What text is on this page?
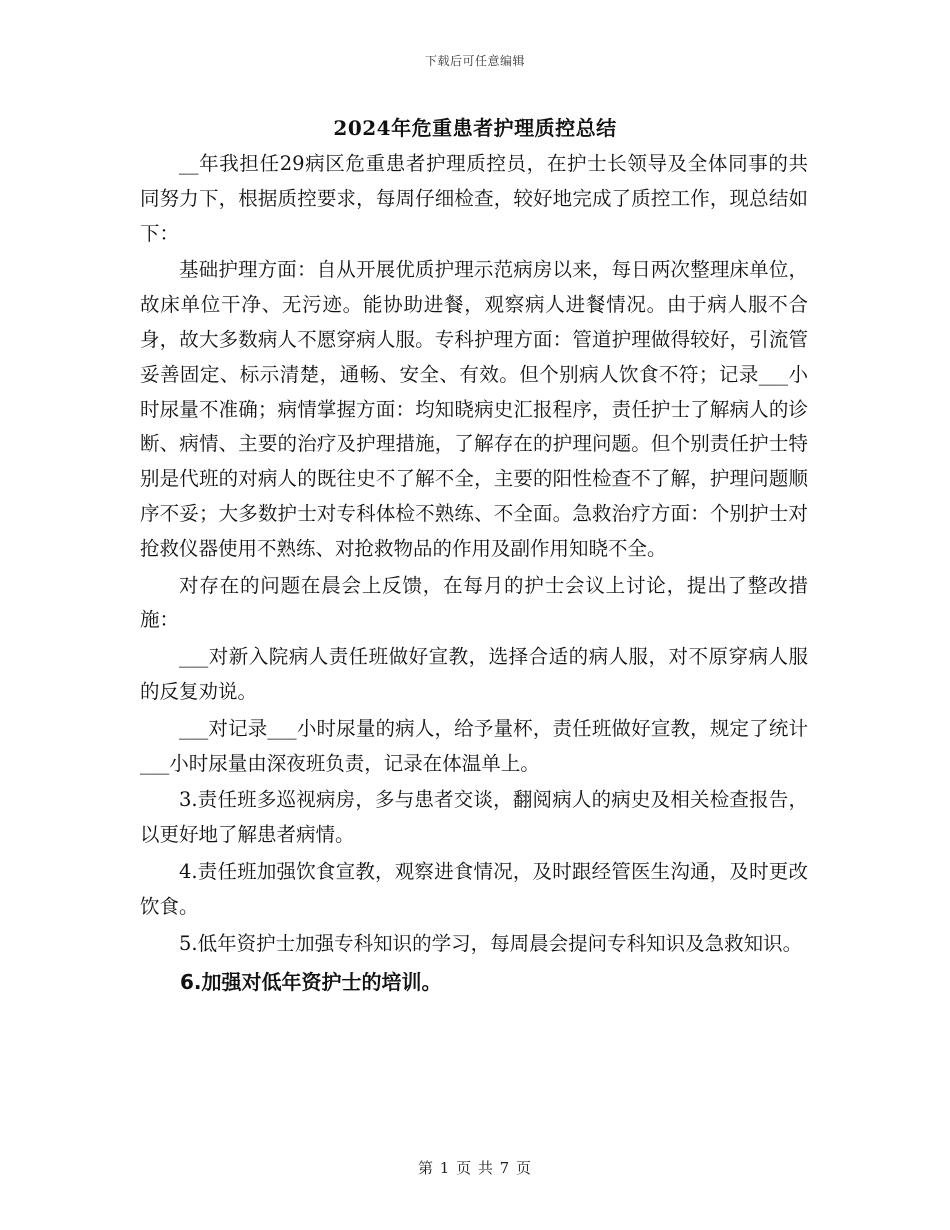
下载后可任意编辑
2024年危重患者护理质控总结

__年我担任29病区危重患者护理质控员，在护士长领导及全体同事的共同努力下，根据质控要求，每周仔细检查，较好地完成了质控工作，现总结如下：

基础护理方面：自从开展优质护理示范病房以来，每日两次整理床单位，故床单位干净、无污迹。能协助进餐，观察病人进餐情况。由于病人服不合身，故大多数病人不愿穿病人服。专科护理方面：管道护理做得较好，引流管妥善固定、标示清楚，通畅、安全、有效。但个别病人饮食不符；记录___小时尿量不准确；病情掌握方面：均知晓病史汇报程序，责任护士了解病人的诊断、病情、主要的治疗及护理措施，了解存在的护理问题。但个别责任护士特别是代班的对病人的既往史不了解不全，主要的阳性检查不了解，护理问题顺序不妥；大多数护士对专科体检不熟练、不全面。急救治疗方面：个别护士对抢救仪器使用不熟练、对抢救物品的作用及副作用知晓不全。

对存在的问题在晨会上反馈，在每月的护士会议上讨论，提出了整改措施：

___对新入院病人责任班做好宣教，选择合适的病人服，对不原穿病人服的反复劝说。

___对记录___小时尿量的病人，给予量杯，责任班做好宣教，规定了统计___小时尿量由深夜班负责，记录在体温单上。

3.责任班多巡视病房，多与患者交谈，翻阅病人的病史及相关检查报告，以更好地了解患者病情。

4.责任班加强饮食宣教，观察进食情况，及时跟经管医生沟通，及时更改饮食。

5.低年资护士加强专科知识的学习，每周晨会提问专科知识及急救知识。

6.加强对低年资护士的培训。

第 1 页 共 7 页
